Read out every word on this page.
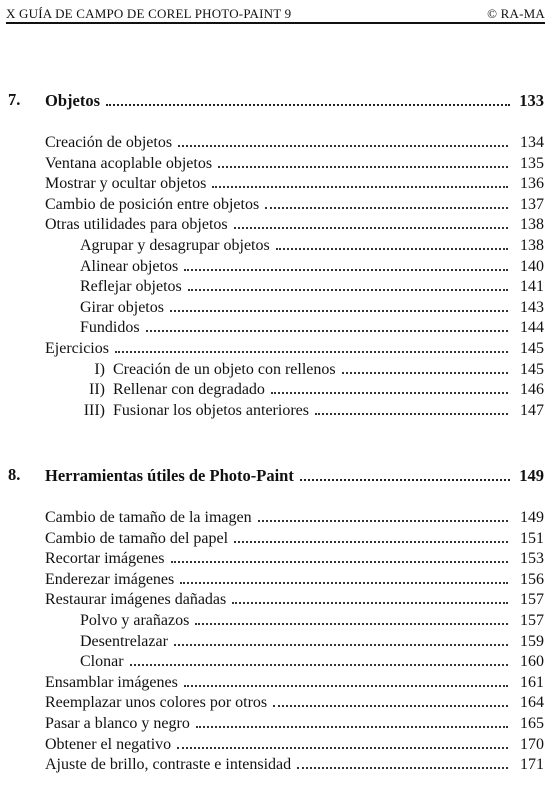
X GUÍA DE CAMPO DE COREL PHOTO-PAINT 9	© RA-MA
7. Objetos	133
Creación de objetos	134
Ventana acoplable objetos	135
Mostrar y ocultar objetos	136
Cambio de posición entre objetos	137
Otras utilidades para objetos	138
Agrupar y desagrupar objetos	138
Alinear objetos	140
Reflejar objetos	141
Girar objetos	143
Fundidos	144
Ejercicios	145
I) Creación de un objeto con rellenos	145
II) Rellenar con degradado	146
III) Fusionar los objetos anteriores	147
8. Herramientas útiles de Photo-Paint	149
Cambio de tamaño de la imagen	149
Cambio de tamaño del papel	151
Recortar imágenes	153
Enderezar imágenes	156
Restaurar imágenes dañadas	157
Polvo y arañazos	157
Desentrelazar	159
Clonar	160
Ensamblar imágenes	161
Reemplazar unos colores por otros	164
Pasar a blanco y negro	165
Obtener el negativo	170
Ajuste de brillo, contraste e intensidad	171
